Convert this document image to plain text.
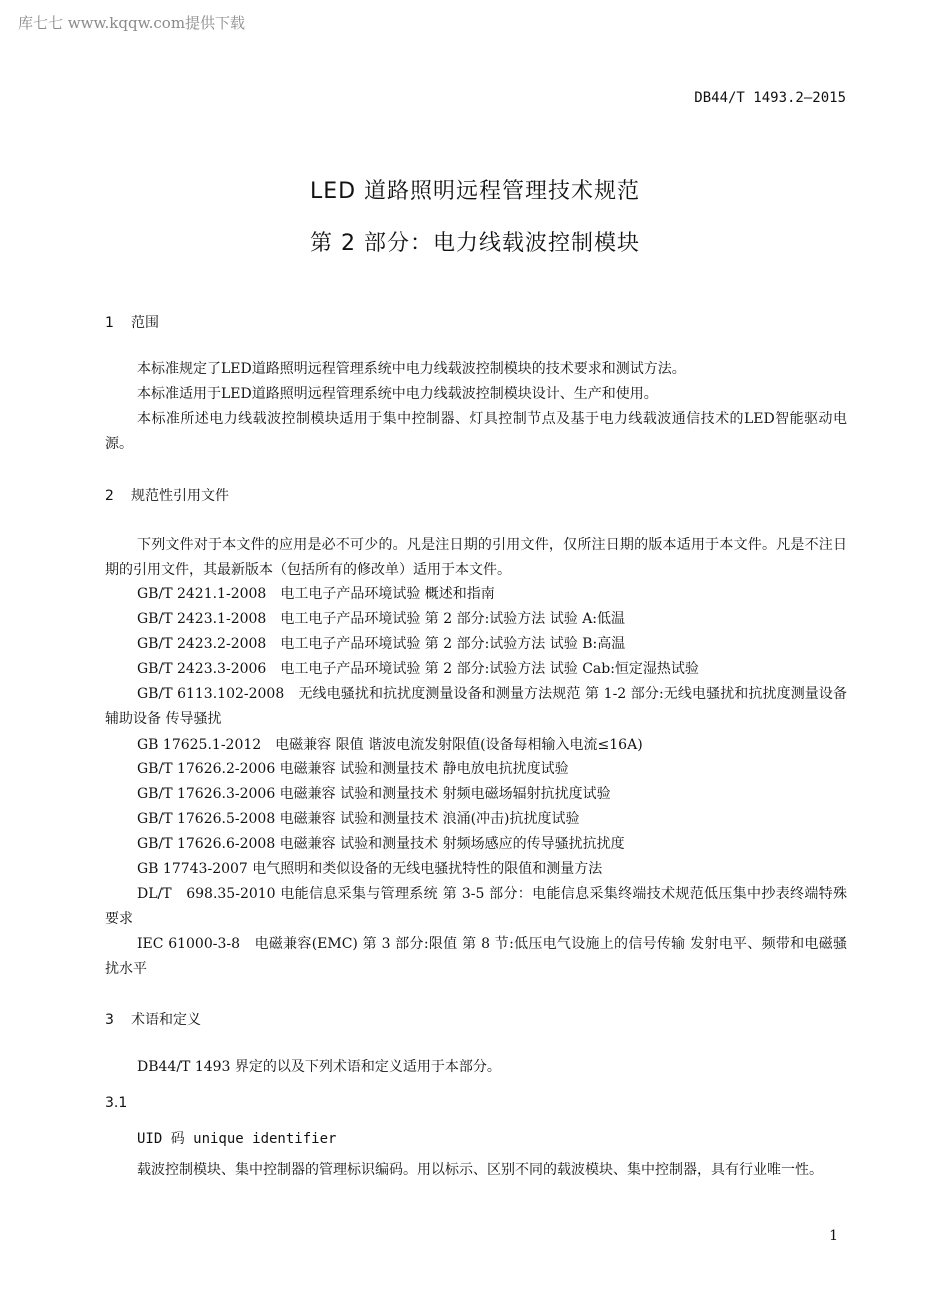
库七七 www.kqqw.com提供下载
DB44/T 1493.2—2015
LED 道路照明远程管理技术规范
第 2 部分：电力线载波控制模块
1 范围
本标准规定了LED道路照明远程管理系统中电力线载波控制模块的技术要求和测试方法。
本标准适用于LED道路照明远程管理系统中电力线载波控制模块设计、生产和使用。
本标准所述电力线载波控制模块适用于集中控制器、灯具控制节点及基于电力线载波通信技术的LED智能驱动电源。
2 规范性引用文件
下列文件对于本文件的应用是必不可少的。凡是注日期的引用文件，仅所注日期的版本适用于本文件。凡是不注日期的引用文件，其最新版本（包括所有的修改单）适用于本文件。
GB/T 2421.1-2008　电工电子产品环境试验 概述和指南
GB/T 2423.1-2008　电工电子产品环境试验 第 2 部分:试验方法 试验 A:低温
GB/T 2423.2-2008　电工电子产品环境试验 第 2 部分:试验方法 试验 B:高温
GB/T 2423.3-2006　电工电子产品环境试验 第 2 部分:试验方法 试验 Cab:恒定湿热试验
GB/T 6113.102-2008　无线电骚扰和抗扰度测量设备和测量方法规范 第 1-2 部分:无线电骚扰和抗扰度测量设备 辅助设备 传导骚扰
GB 17625.1-2012　电磁兼容 限值 谐波电流发射限值(设备每相输入电流≤16A)
GB/T 17626.2-2006 电磁兼容 试验和测量技术 静电放电抗扰度试验
GB/T 17626.3-2006 电磁兼容 试验和测量技术 射频电磁场辐射抗扰度试验
GB/T 17626.5-2008 电磁兼容 试验和测量技术 浪涌(冲击)抗扰度试验
GB/T 17626.6-2008 电磁兼容 试验和测量技术 射频场感应的传导骚扰抗扰度
GB 17743-2007 电气照明和类似设备的无线电骚扰特性的限值和测量方法
DL/T　698.35-2010 电能信息采集与管理系统 第 3-5 部分：电能信息采集终端技术规范低压集中抄表终端特殊要求
IEC 61000-3-8　电磁兼容(EMC) 第 3 部分:限值 第 8 节:低压电气设施上的信号传输 发射电平、频带和电磁骚扰水平
3 术语和定义
DB44/T 1493 界定的以及下列术语和定义适用于本部分。
3.1
UID 码 unique identifier
载波控制模块、集中控制器的管理标识编码。用以标示、区别不同的载波模块、集中控制器，具有行业唯一性。
1
